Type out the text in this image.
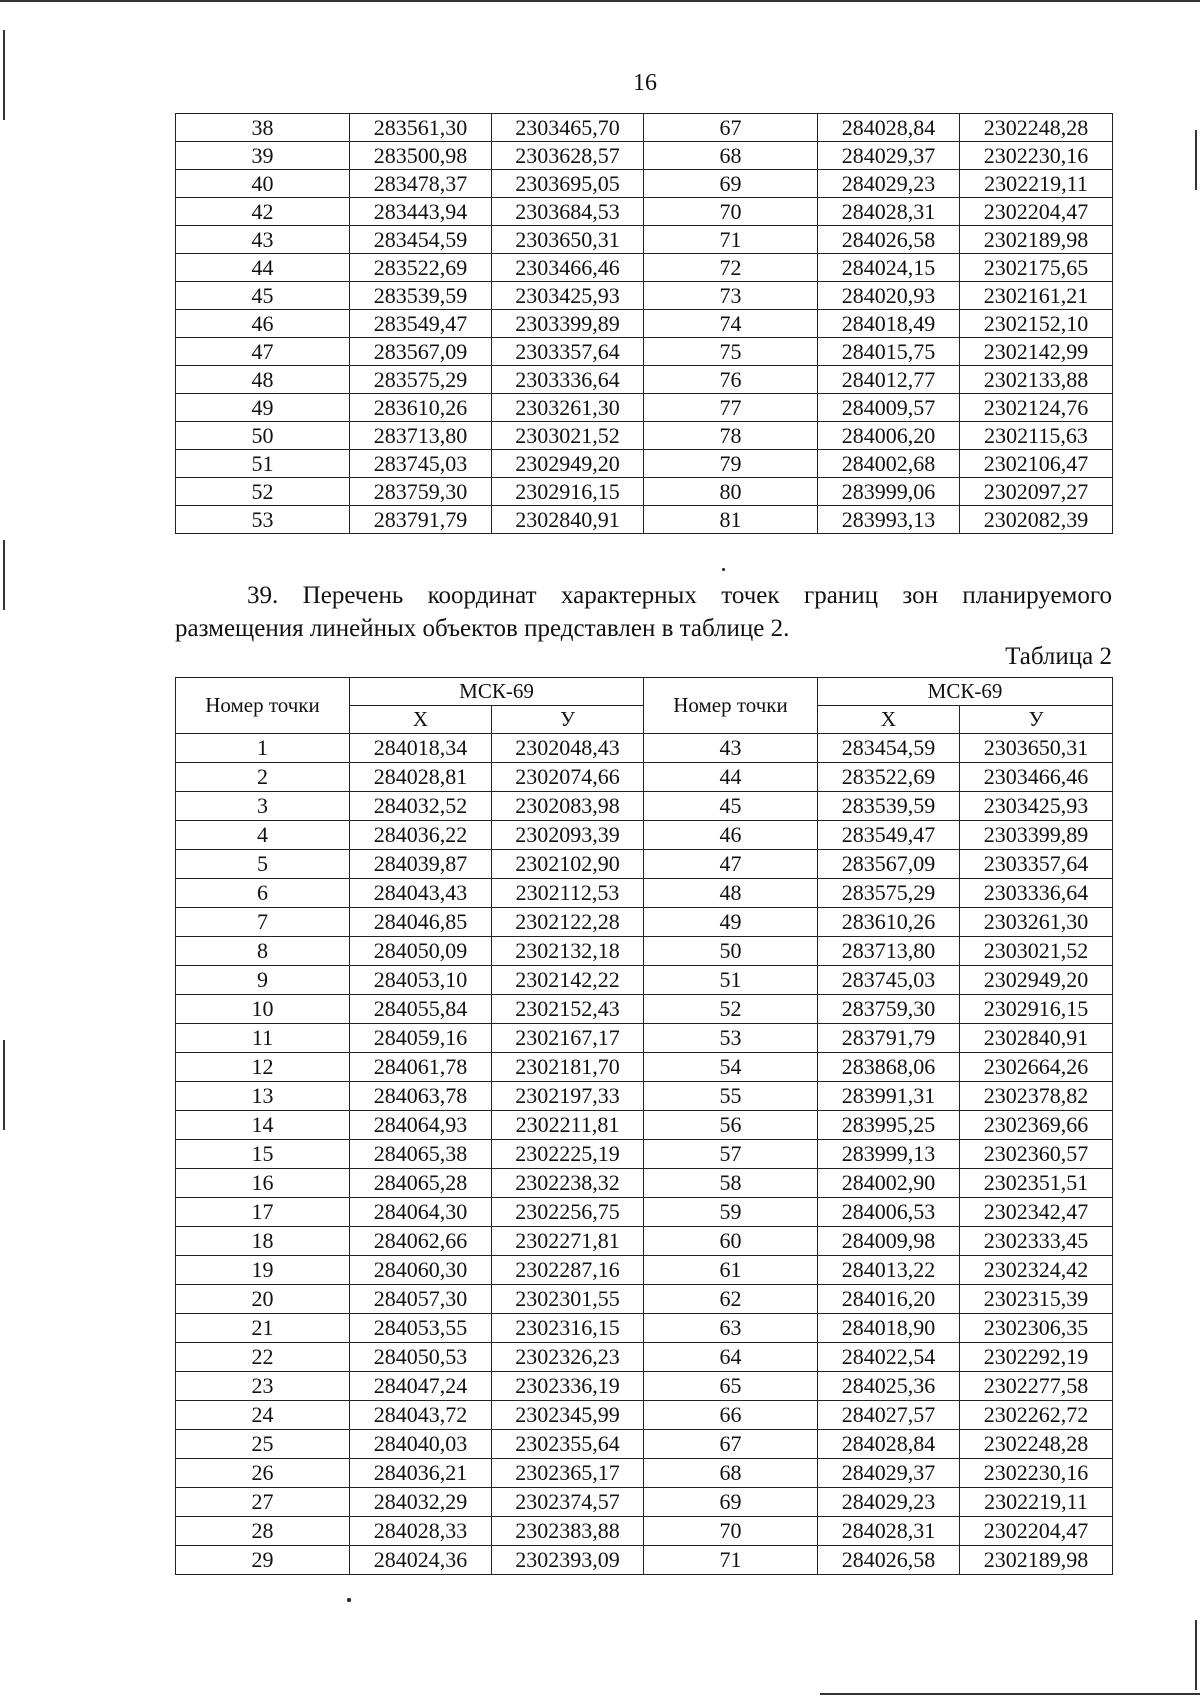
16
38	283561,30	2303465,70	67	284028,84	2302248,28
39	283500,98	2303628,57	68	284029,37	2302230,16
40	283478,37	2303695,05	69	284029,23	2302219,11
42	283443,94	2303684,53	70	284028,31	2302204,47
43	283454,59	2303650,31	71	284026,58	2302189,98
44	283522,69	2303466,46	72	284024,15	2302175,65
45	283539,59	2303425,93	73	284020,93	2302161,21
46	283549,47	2303399,89	74	284018,49	2302152,10
47	283567,09	2303357,64	75	284015,75	2302142,99
48	283575,29	2303336,64	76	284012,77	2302133,88
49	283610,26	2303261,30	77	284009,57	2302124,76
50	283713,80	2303021,52	78	284006,20	2302115,63
51	283745,03	2302949,20	79	284002,68	2302106,47
52	283759,30	2302916,15	80	283999,06	2302097,27
53	283791,79	2302840,91	81	283993,13	2302082,39
39. Перечень координат характерных точек границ зон планируемого размещения линейных объектов представлен в таблице 2.
Таблица 2
Номер точки	МСК-69		Номер точки	МСК-69	
	X	У		X	У
1	284018,34	2302048,43	43	283454,59	2303650,31
2	284028,81	2302074,66	44	283522,69	2303466,46
3	284032,52	2302083,98	45	283539,59	2303425,93
4	284036,22	2302093,39	46	283549,47	2303399,89
5	284039,87	2302102,90	47	283567,09	2303357,64
6	284043,43	2302112,53	48	283575,29	2303336,64
7	284046,85	2302122,28	49	283610,26	2303261,30
8	284050,09	2302132,18	50	283713,80	2303021,52
9	284053,10	2302142,22	51	283745,03	2302949,20
10	284055,84	2302152,43	52	283759,30	2302916,15
11	284059,16	2302167,17	53	283791,79	2302840,91
12	284061,78	2302181,70	54	283868,06	2302664,26
13	284063,78	2302197,33	55	283991,31	2302378,82
14	284064,93	2302211,81	56	283995,25	2302369,66
15	284065,38	2302225,19	57	283999,13	2302360,57
16	284065,28	2302238,32	58	284002,90	2302351,51
17	284064,30	2302256,75	59	284006,53	2302342,47
18	284062,66	2302271,81	60	284009,98	2302333,45
19	284060,30	2302287,16	61	284013,22	2302324,42
20	284057,30	2302301,55	62	284016,20	2302315,39
21	284053,55	2302316,15	63	284018,90	2302306,35
22	284050,53	2302326,23	64	284022,54	2302292,19
23	284047,24	2302336,19	65	284025,36	2302277,58
24	284043,72	2302345,99	66	284027,57	2302262,72
25	284040,03	2302355,64	67	284028,84	2302248,28
26	284036,21	2302365,17	68	284029,37	2302230,16
27	284032,29	2302374,57	69	284029,23	2302219,11
28	284028,33	2302383,88	70	284028,31	2302204,47
29	284024,36	2302393,09	71	284026,58	2302189,98
